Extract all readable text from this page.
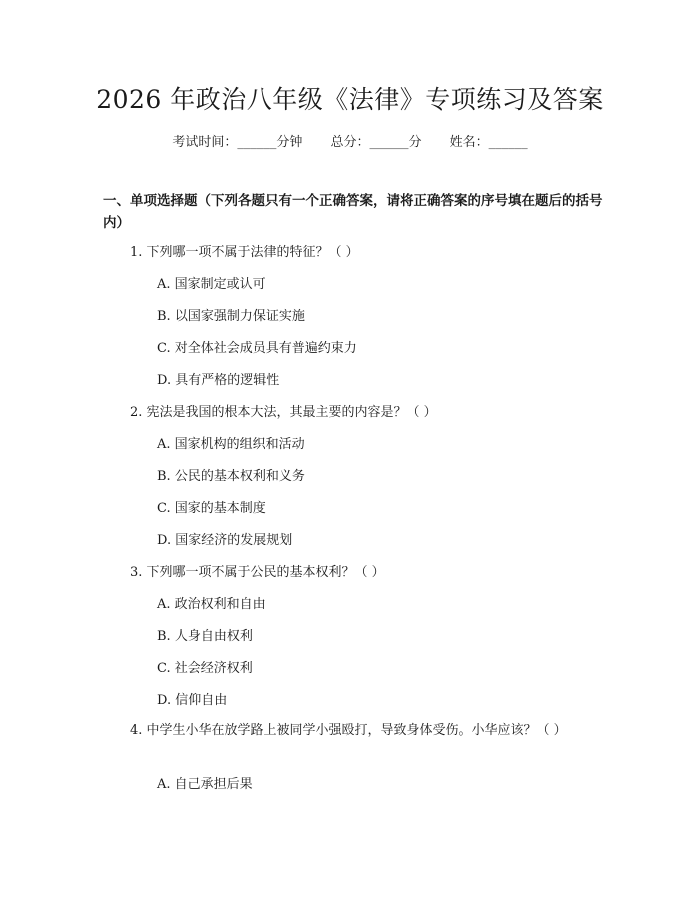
2026 年政治八年级《法律》专项练习及答案
考试时间：______分钟 总分：______分 姓名：______
一、单项选择题（下列各题只有一个正确答案，请将正确答案的序号填在题后的括号内）
1. 下列哪一项不属于法律的特征？（ ）
A. 国家制定或认可
B. 以国家强制力保证实施
C. 对全体社会成员具有普遍约束力
D. 具有严格的逻辑性
2. 宪法是我国的根本大法，其最主要的内容是？（ ）
A. 国家机构的组织和活动
B. 公民的基本权利和义务
C. 国家的基本制度
D. 国家经济的发展规划
3. 下列哪一项不属于公民的基本权利？（ ）
A. 政治权利和自由
B. 人身自由权利
C. 社会经济权利
D. 信仰自由
4. 中学生小华在放学路上被同学小强殴打，导致身体受伤。小华应该？（ ）
A. 自己承担后果
